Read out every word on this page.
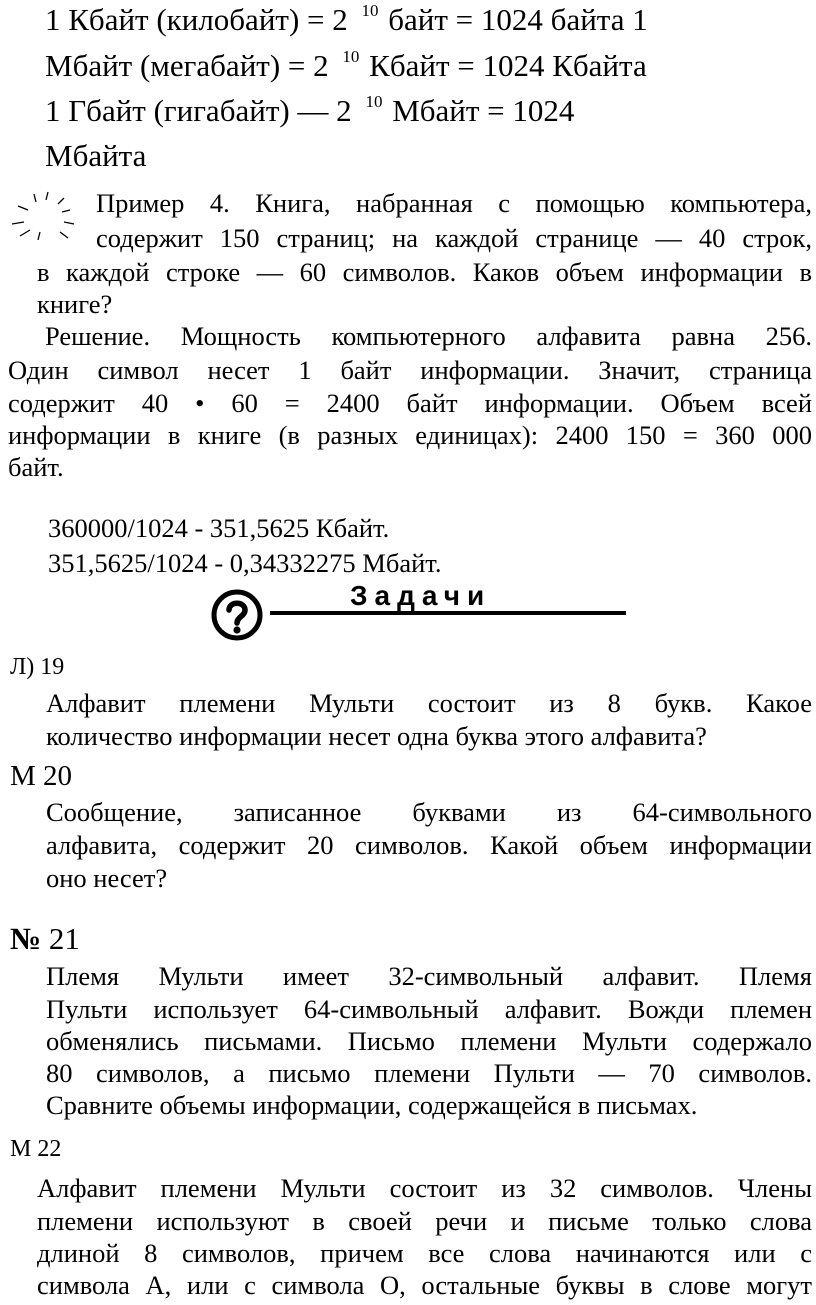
1 Кбайт (килобайт) = 2 $^{10}$ байт = 1024 байта 1
Мбайт (мегабайт) = 2 $^{10}$ Кбайт = 1024 Кбайта
1 Гбайт (гигабайт) — 2 $^{10}$ Мбайт = 1024
Мбайта
Пример 4. Книга, набранная с помощью компьютера,
содержит 150 страниц; на каждой странице — 40 строк,
в каждой строке — 60 символов. Каков объем информации в
книге?
Решение. Мощность компьютерного алфавита равна 256.
Один символ несет 1 байт информации. Значит, страница
содержит 40 • 60 = 2400 байт информации. Объем всей
информации в книге (в разных единицах): 2400 150 = 360 000
байт.
360000/1024 - 351,5625 Кбайт.
351,5625/1024 - 0,34332275 Мбайт.
Задачи
Л) 19
Алфавит племени Мульти состоит из 8 букв. Какое
количество информации несет одна буква этого алфавита?
М 20
Сообщение, записанное буквами из 64-символьного
алфавита, содержит 20 символов. Какой объем информации
оно несет?
№ 21
Племя Мульти имеет 32-символьный алфавит. Племя
Пульти использует 64-символьный алфавит. Вожди племен
обменялись письмами. Письмо племени Мульти содержало
80 символов, а письмо племени Пульти — 70 символов.
Сравните объемы информации, содержащейся в письмах.
М 22
Алфавит племени Мульти состоит из 32 символов. Члены
племени используют в своей речи и письме только слова
длиной 8 символов, причем все слова начинаются или с
символа А, или с символа О, остальные буквы в слове могут
